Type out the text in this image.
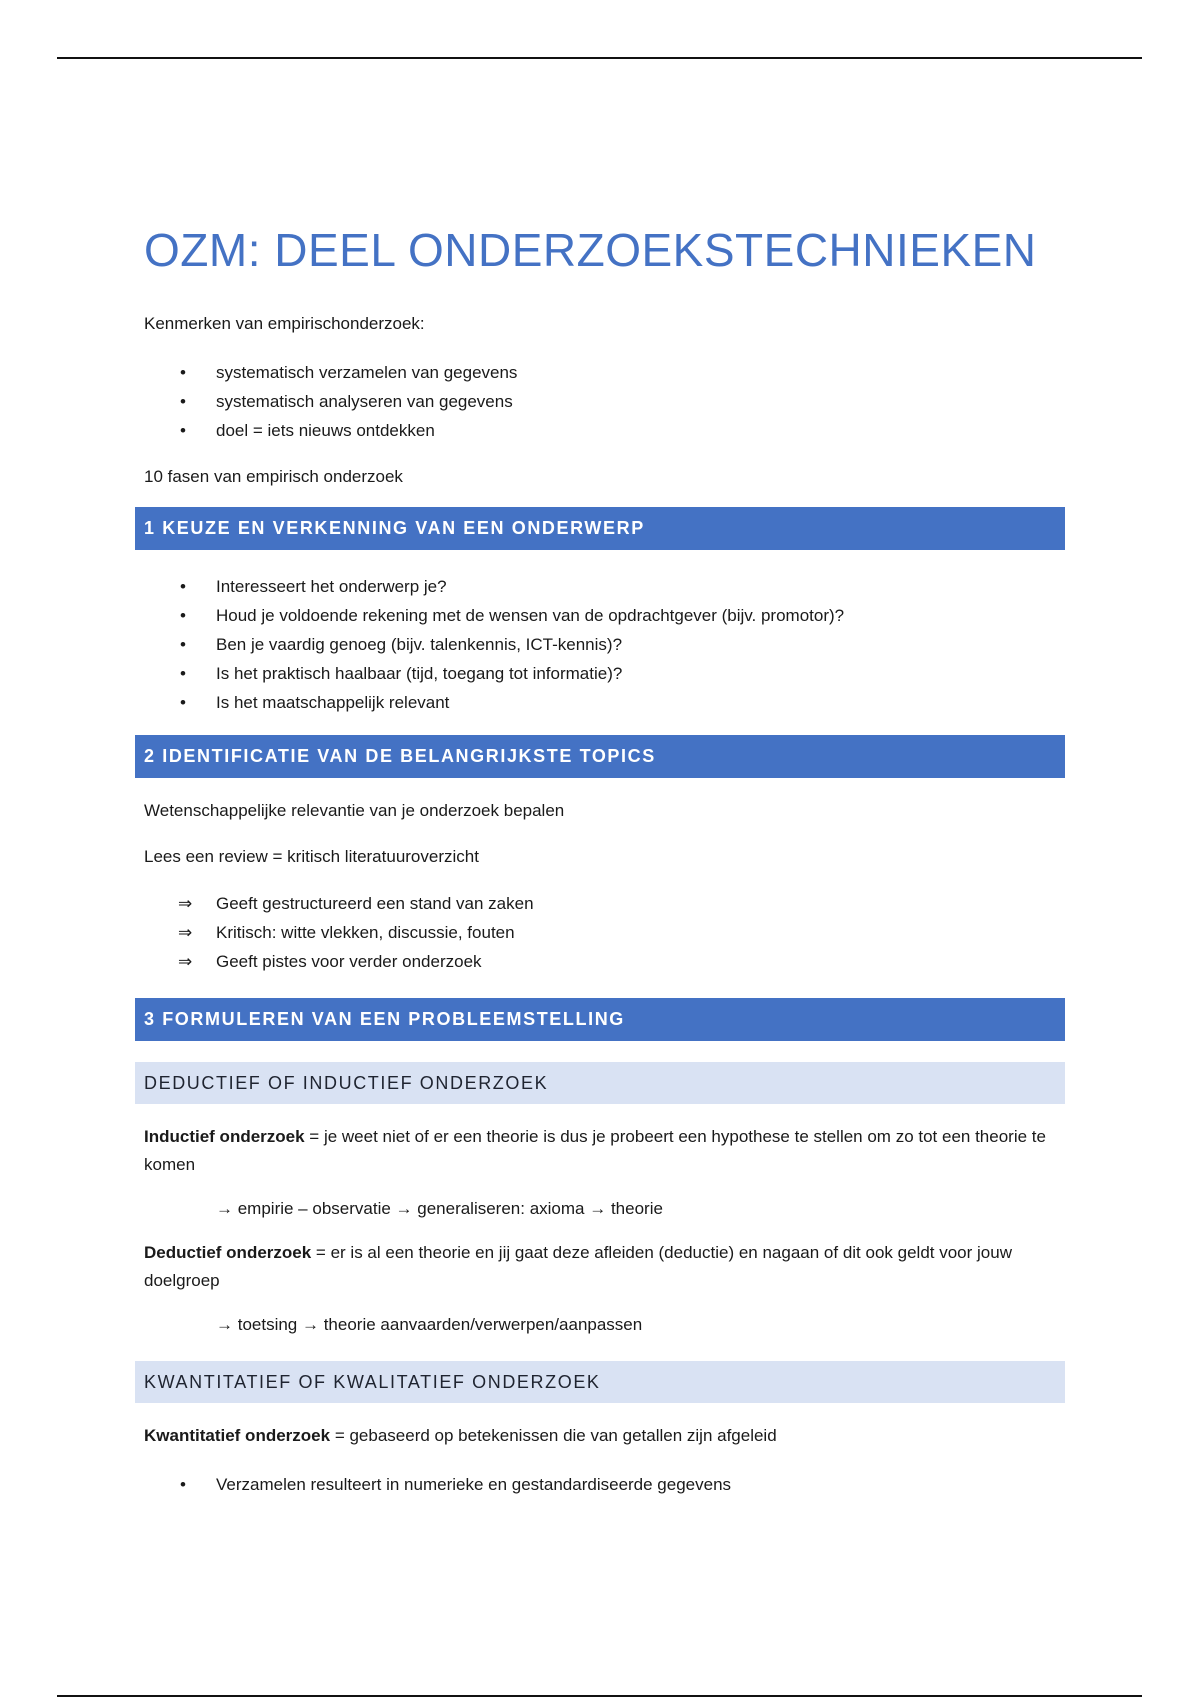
OZM: DEEL ONDERZOEKSTECHNIEKEN

Kenmerken van empirischonderzoek:

• systematisch verzamelen van gegevens
• systematisch analyseren van gegevens
• doel = iets nieuws ontdekken

10 fasen van empirisch onderzoek

1 KEUZE EN VERKENNING VAN EEN ONDERWERP
• Interesseert het onderwerp je?
• Houd je voldoende rekening met de wensen van de opdrachtgever (bijv. promotor)?
• Ben je vaardig genoeg (bijv. talenkennis, ICT-kennis)?
• Is het praktisch haalbaar (tijd, toegang tot informatie)?
• Is het maatschappelijk relevant
2 IDENTIFICATIE VAN DE BELANGRIJKSTE TOPICS

Wetenschappelijke relevantie van je onderzoek bepalen

Lees een review = kritisch literatuuroverzicht

⇒ Geeft gestructureerd een stand van zaken
⇒ Kritisch: witte vlekken, discussie, fouten
⇒ Geeft pistes voor verder onderzoek
3 FORMULEREN VAN EEN PROBLEEMSTELLING
DEDUCTIEF OF INDUCTIEF ONDERZOEK

Inductief onderzoek = je weet niet of er een theorie is dus je probeert een hypothese te stellen om zo tot een theorie te komen

→ empirie – observatie → generaliseren: axioma → theorie

Deductief onderzoek = er is al een theorie en jij gaat deze afleiden (deductie) en nagaan of dit ook geldt voor jouw doelgroep

→ toetsing → theorie aanvaarden/verwerpen/aanpassen

KWANTITATIEF OF KWALITATIEF ONDERZOEK

Kwantitatief onderzoek = gebaseerd op betekenissen die van getallen zijn afgeleid

• Verzamelen resulteert in numerieke en gestandardiseerde gegevens
